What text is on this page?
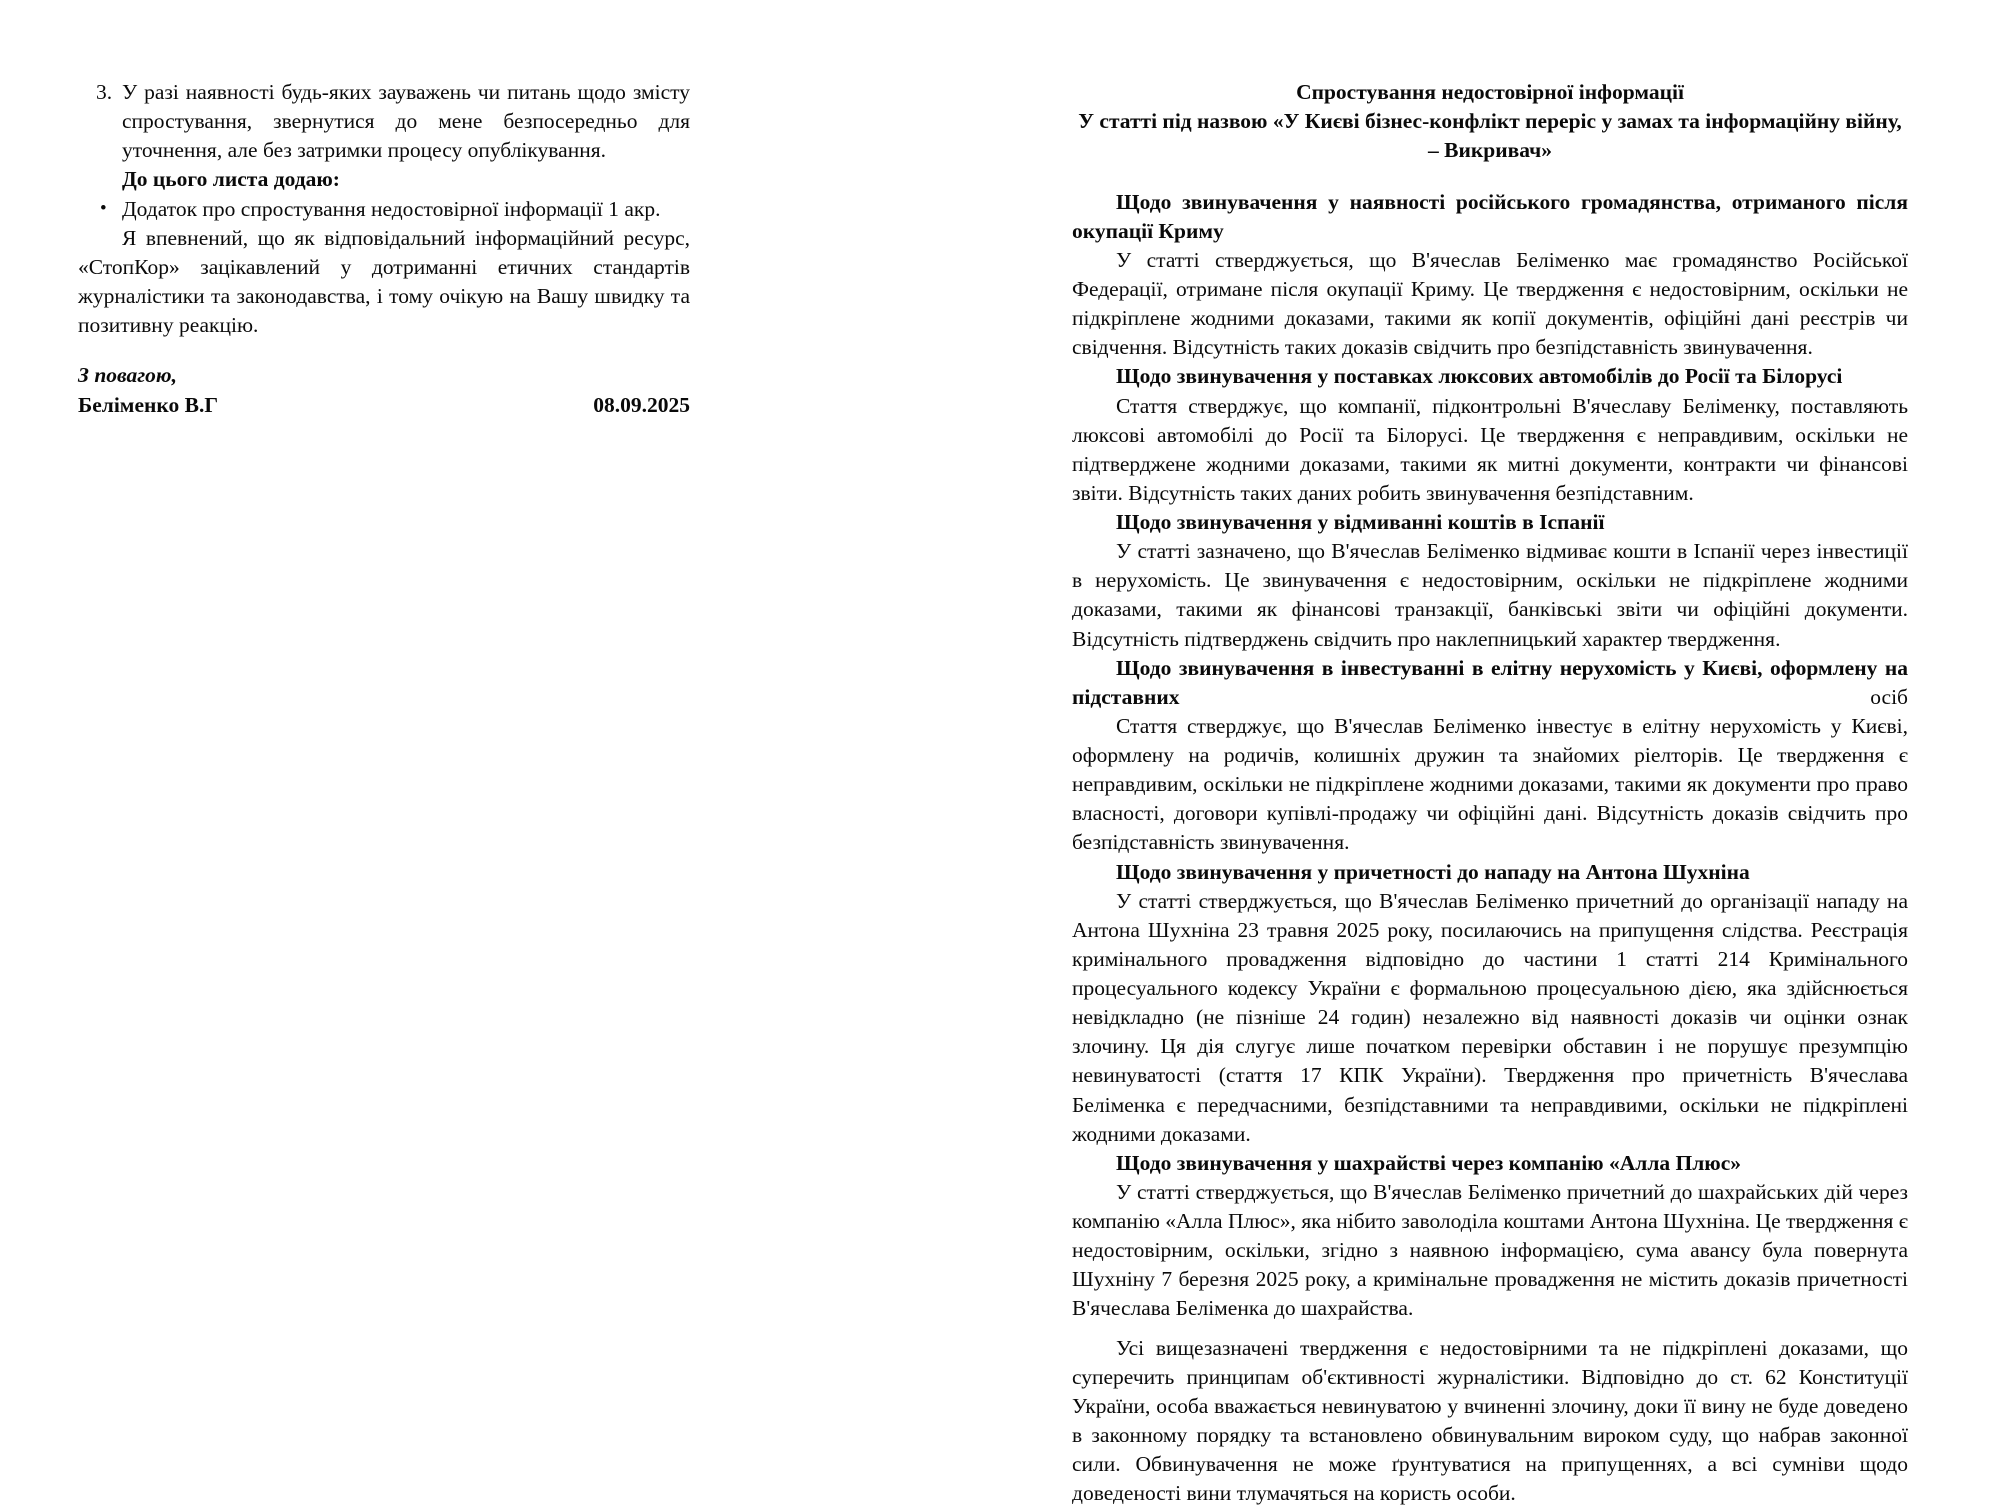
3. У разі наявності будь-яких зауважень чи питань щодо змісту спростування, звернутися до мене безпосередньо для уточнення, але без затримки процесу опублікування.
До цього листа додаю:
• Додаток про спростування недостовірної інформації 1 акр.

Я впевнений, що як відповідальний інформаційний ресурс, «СтопКор» зацікавлений у дотриманні етичних стандартів журналістики та законодавства, і тому очікую на Вашу швидку та позитивну реакцію.

З повагою,

Беліменко В.Г	08.09.2025

Спростування недостовірної інформації

У статті під назвою «У Києві бізнес-конфлікт переріс у замах та інформаційну війну, – Викривач»

Щодо звинувачення у наявності російського громадянства, отриманого після окупації Криму

У статті стверджується, що В'ячеслав Беліменко має громадянство Російської Федерації, отримане після окупації Криму. Це твердження є недостовірним, оскільки не підкріплене жодними доказами, такими як копії документів, офіційні дані реєстрів чи свідчення. Відсутність таких доказів свідчить про безпідставність звинувачення.

Щодо звинувачення у поставках люксових автомобілів до Росії та Білорусі

Стаття стверджує, що компанії, підконтрольні В'ячеславу Беліменку, поставляють люксові автомобілі до Росії та Білорусі. Це твердження є неправдивим, оскільки не підтверджене жодними доказами, такими як митні документи, контракти чи фінансові звіти. Відсутність таких даних робить звинувачення безпідставним.

Щодо звинувачення у відмиванні коштів в Іспанії

У статті зазначено, що В'ячеслав Беліменко відмиває кошти в Іспанії через інвестиції в нерухомість. Це звинувачення є недостовірним, оскільки не підкріплене жодними доказами, такими як фінансові транзакції, банківські звіти чи офіційні документи. Відсутність підтверджень свідчить про наклепницький характер твердження.

Щодо звинувачення в інвестуванні в елітну нерухомість у Києві, оформлену на підставних осіб

Стаття стверджує, що В'ячеслав Беліменко інвестує в елітну нерухомість у Києві, оформлену на родичів, колишніх дружин та знайомих ріелторів. Це твердження є неправдивим, оскільки не підкріплене жодними доказами, такими як документи про право власності, договори купівлі-продажу чи офіційні дані. Відсутність доказів свідчить про безпідставність звинувачення.

Щодо звинувачення у причетності до нападу на Антона Шухніна

У статті стверджується, що В'ячеслав Беліменко причетний до організації нападу на Антона Шухніна 23 травня 2025 року, посилаючись на припущення слідства. Реєстрація кримінального провадження відповідно до частини 1 статті 214 Кримінального процесуального кодексу України є формальною процесуальною дією, яка здійснюється невідкладно (не пізніше 24 годин) незалежно від наявності доказів чи оцінки ознак злочину. Ця дія слугує лише початком перевірки обставин і не порушує презумпцію невинуватості (стаття 17 КПК України). Твердження про причетність В'ячеслава Беліменка є передчасними, безпідставними та неправдивими, оскільки не підкріплені жодними доказами.

Щодо звинувачення у шахрайстві через компанію «Алла Плюс»

У статті стверджується, що В'ячеслав Беліменко причетний до шахрайських дій через компанію «Алла Плюс», яка нібито заволоділа коштами Антона Шухніна. Це твердження є недостовірним, оскільки, згідно з наявною інформацією, сума авансу була повернута Шухніну 7 березня 2025 року, а кримінальне провадження не містить доказів причетності В'ячеслава Беліменка до шахрайства.

Усі вищезазначені твердження є недостовірними та не підкріплені доказами, що суперечить принципам об'єктивності журналістики. Відповідно до ст. 62 Конституції України, особа вважається невинуватою у вчиненні злочину, доки її вину не буде доведено в законному порядку та встановлено обвинувальним вироком суду, що набрав законної сили. Обвинувачення не може ґрунтуватися на припущеннях, а всі сумніви щодо доведеності вини тлумачяться на користь особи.
